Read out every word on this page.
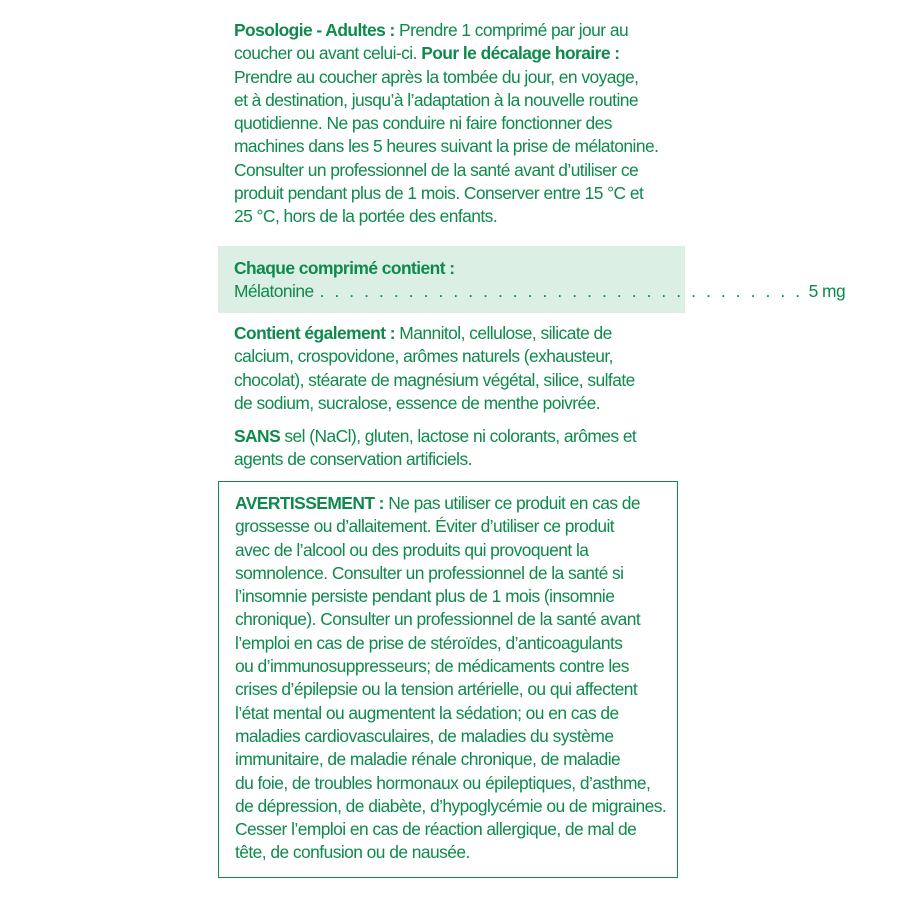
Posologie - Adultes : Prendre 1 comprimé par jour au
coucher ou avant celui-ci. Pour le décalage horaire :
Prendre au coucher après la tombée du jour, en voyage,
et à destination, jusqu’à l’adaptation à la nouvelle routine
quotidienne. Ne pas conduire ni faire fonctionner des
machines dans les 5 heures suivant la prise de mélatonine.
Consulter un professionnel de la santé avant d’utiliser ce
produit pendant plus de 1 mois. Conserver entre 15 °C et
25 °C, hors de la portée des enfants.

Chaque comprimé contient :

Mélatonine . . . . . . . . . . . . . . . . . . . . . . . . . . . . . . . . . 5 mg

Contient également : Mannitol, cellulose, silicate de
calcium, crospovidone, arômes naturels (exhausteur,
chocolat), stéarate de magnésium végétal, silice, sulfate
de sodium, sucralose, essence de menthe poivrée.

SANS sel (NaCl), gluten, lactose ni colorants, arômes et
agents de conservation artificiels.

AVERTISSEMENT : Ne pas utiliser ce produit en cas de
grossesse ou d’allaitement. Éviter d’utiliser ce produit
avec de l’alcool ou des produits qui provoquent la
somnolence. Consulter un professionnel de la santé si
l’insomnie persiste pendant plus de 1 mois (insomnie
chronique). Consulter un professionnel de la santé avant
l’emploi en cas de prise de stéroïdes, d’anticoagulants
ou d’immunosuppresseurs; de médicaments contre les
crises d’épilepsie ou la tension artérielle, ou qui affectent
l’état mental ou augmentent la sédation; ou en cas de
maladies cardiovasculaires, de maladies du système
immunitaire, de maladie rénale chronique, de maladie
du foie, de troubles hormonaux ou épileptiques, d’asthme,
de dépression, de diabète, d’hypoglycémie ou de migraines.
Cesser l’emploi en cas de réaction allergique, de mal de
tête, de confusion ou de nausée.
